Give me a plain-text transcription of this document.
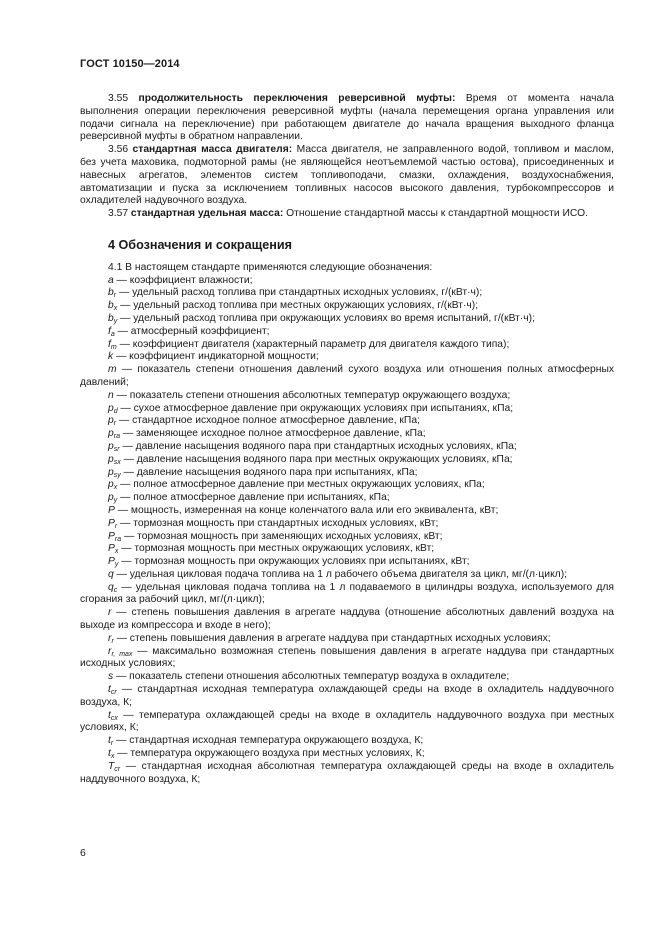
ГОСТ 10150—2014

3.55 продолжительность переключения реверсивной муфты: Время от момента начала выполнения операции переключения реверсивной муфты (начала перемещения органа управления или подачи сигнала на переключение) при работающем двигателе до начала вращения выходного фланца реверсивной муфты в обратном направлении.

3.56 стандартная масса двигателя: Масса двигателя, не заправленного водой, топливом и маслом, без учета маховика, подмоторной рамы (не являющейся неотъемлемой частью остова), присоединенных и навесных агрегатов, элементов систем топливоподачи, смазки, охлаждения, воздухоснабжения, автоматизации и пуска за исключением топливных насосов высокого давления, турбокомпрессоров и охладителей надувочного воздуха.

3.57 стандартная удельная масса: Отношение стандартной массы к стандартной мощности ИСО.

4 Обозначения и сокращения

4.1 В настоящем стандарте применяются следующие обозначения:

a — коэффициент влажности;

$b_r$ — удельный расход топлива при стандартных исходных условиях, г/(кВт·ч);

$b_x$ — удельный расход топлива при местных окружающих условиях, г/(кВт·ч);

$b_y$ — удельный расход топлива при окружающих условиях во время испытаний, г/(кВт·ч);

$f_a$ — атмосферный коэффициент;

$f_m$ — коэффициент двигателя (характерный параметр для двигателя каждого типа);

k — коэффициент индикаторной мощности;

m — показатель степени отношения давлений сухого воздуха или отношения полных атмосферных давлений;

n — показатель степени отношения абсолютных температур окружающего воздуха;

$p_d$ — сухое атмосферное давление при окружающих условиях при испытаниях, кПа;

$p_r$ — стандартное исходное полное атмосферное давление, кПа;

$p_{ra}$ — заменяющее исходное полное атмосферное давление, кПа;

$p_{sr}$ — давление насыщения водяного пара при стандартных исходных условиях, кПа;

$p_{sx}$ — давление насыщения водяного пара при местных окружающих условиях, кПа;

$p_{sy}$ — давление насыщения водяного пара при испытаниях, кПа;

$p_x$ — полное атмосферное давление при местных окружающих условиях, кПа;

$p_y$ — полное атмосферное давление при испытаниях, кПа;

P — мощность, измеренная на конце коленчатого вала или его эквивалента, кВт;

$P_r$ — тормозная мощность при стандартных исходных условиях, кВт;

$P_{ra}$ — тормозная мощность при заменяющих исходных условиях, кВт;

$P_x$ — тормозная мощность при местных окружающих условиях, кВт;

$P_y$ — тормозная мощность при окружающих условиях при испытаниях, кВт;

q — удельная цикловая подача топлива на 1 л рабочего объема двигателя за цикл, мг/(л·цикл);

$q_c$ — удельная цикловая подача топлива на 1 л подаваемого в цилиндры воздуха, используемого для сгорания за рабочий цикл, мг/(л·цикл);

r — степень повышения давления в агрегате наддува (отношение абсолютных давлений воздуха на выходе из компрессора и входе в него);

$r_r$ — степень повышения давления в агрегате наддува при стандартных исходных условиях;

$r_{r, max}$ — максимально возможная степень повышения давления в агрегате наддува при стандартных исходных условиях;

s — показатель степени отношения абсолютных температур воздуха в охладителе;

$t_{cr}$ — стандартная исходная температура охлаждающей среды на входе в охладитель наддувочного воздуха, К;

$t_{cx}$ — температура охлаждающей среды на входе в охладитель наддувочного воздуха при местных условиях, К;

$t_r$ — стандартная исходная температура окружающего воздуха, К;

$t_x$ — температура окружающего воздуха при местных условиях, К;

$T_{cr}$ — стандартная исходная абсолютная температура охлаждающей среды на входе в охладитель наддувочного воздуха, К;

6
